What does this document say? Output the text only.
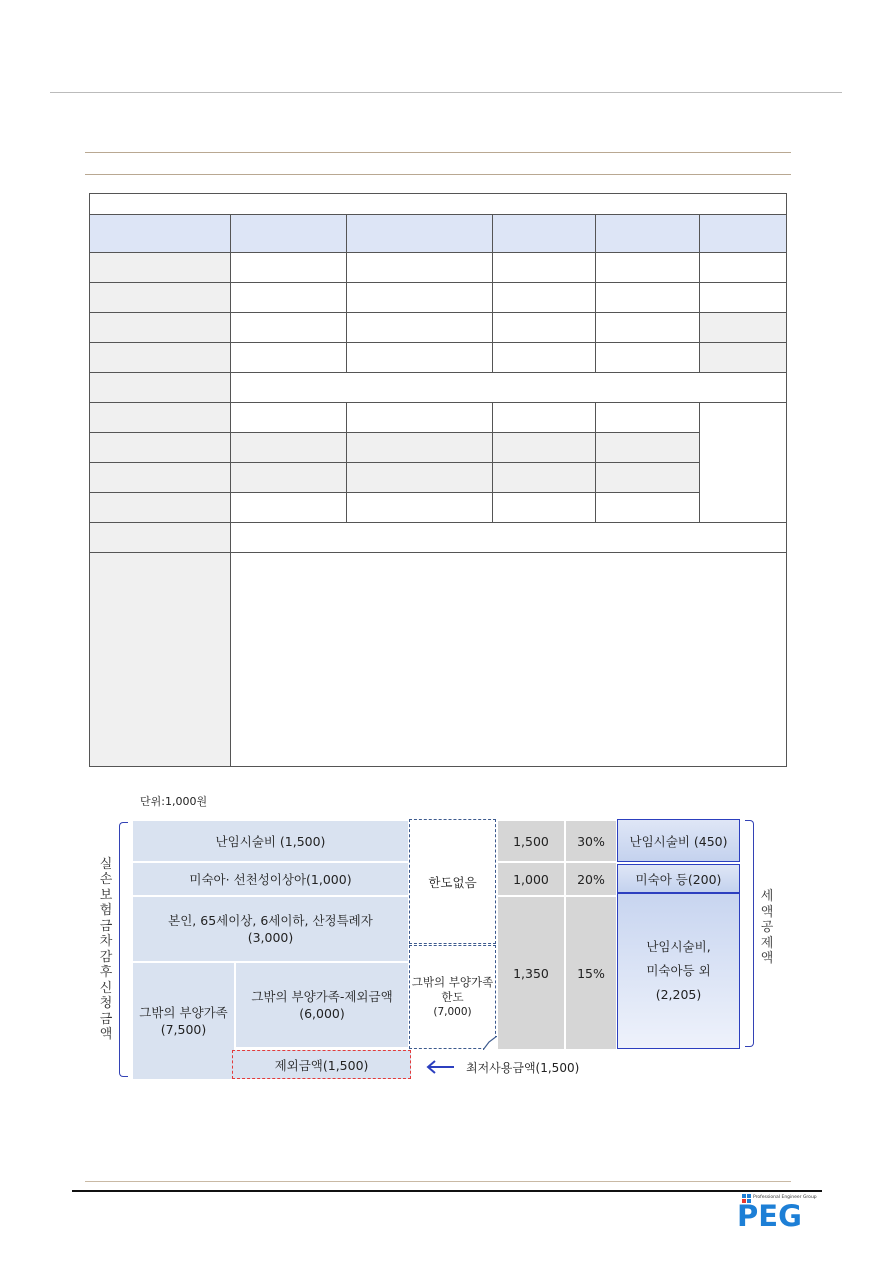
단위:1,000원
실
손
보
험
금
차
감
후
신
청
금
액
난임시술비 (1,500)
미숙아· 선천성이상아(1,000)
본인, 65세이상, 6세이하, 산정특례자
(3,000)
그밖의 부양가족
(7,500)
그밖의 부양가족-제외금액
(6,000)
제외금액(1,500)
한도없음
그밖의 부양가족
한도
(7,000)
1,500	30%
1,000	20%
1,350	15%
난임시술비 (450)
미숙아 등(200)
난임시술비,
미숙아등 외
(2,205)
세
액
공
제
액
최저사용금액(1,500)
Professional Engineer Group
PEG
